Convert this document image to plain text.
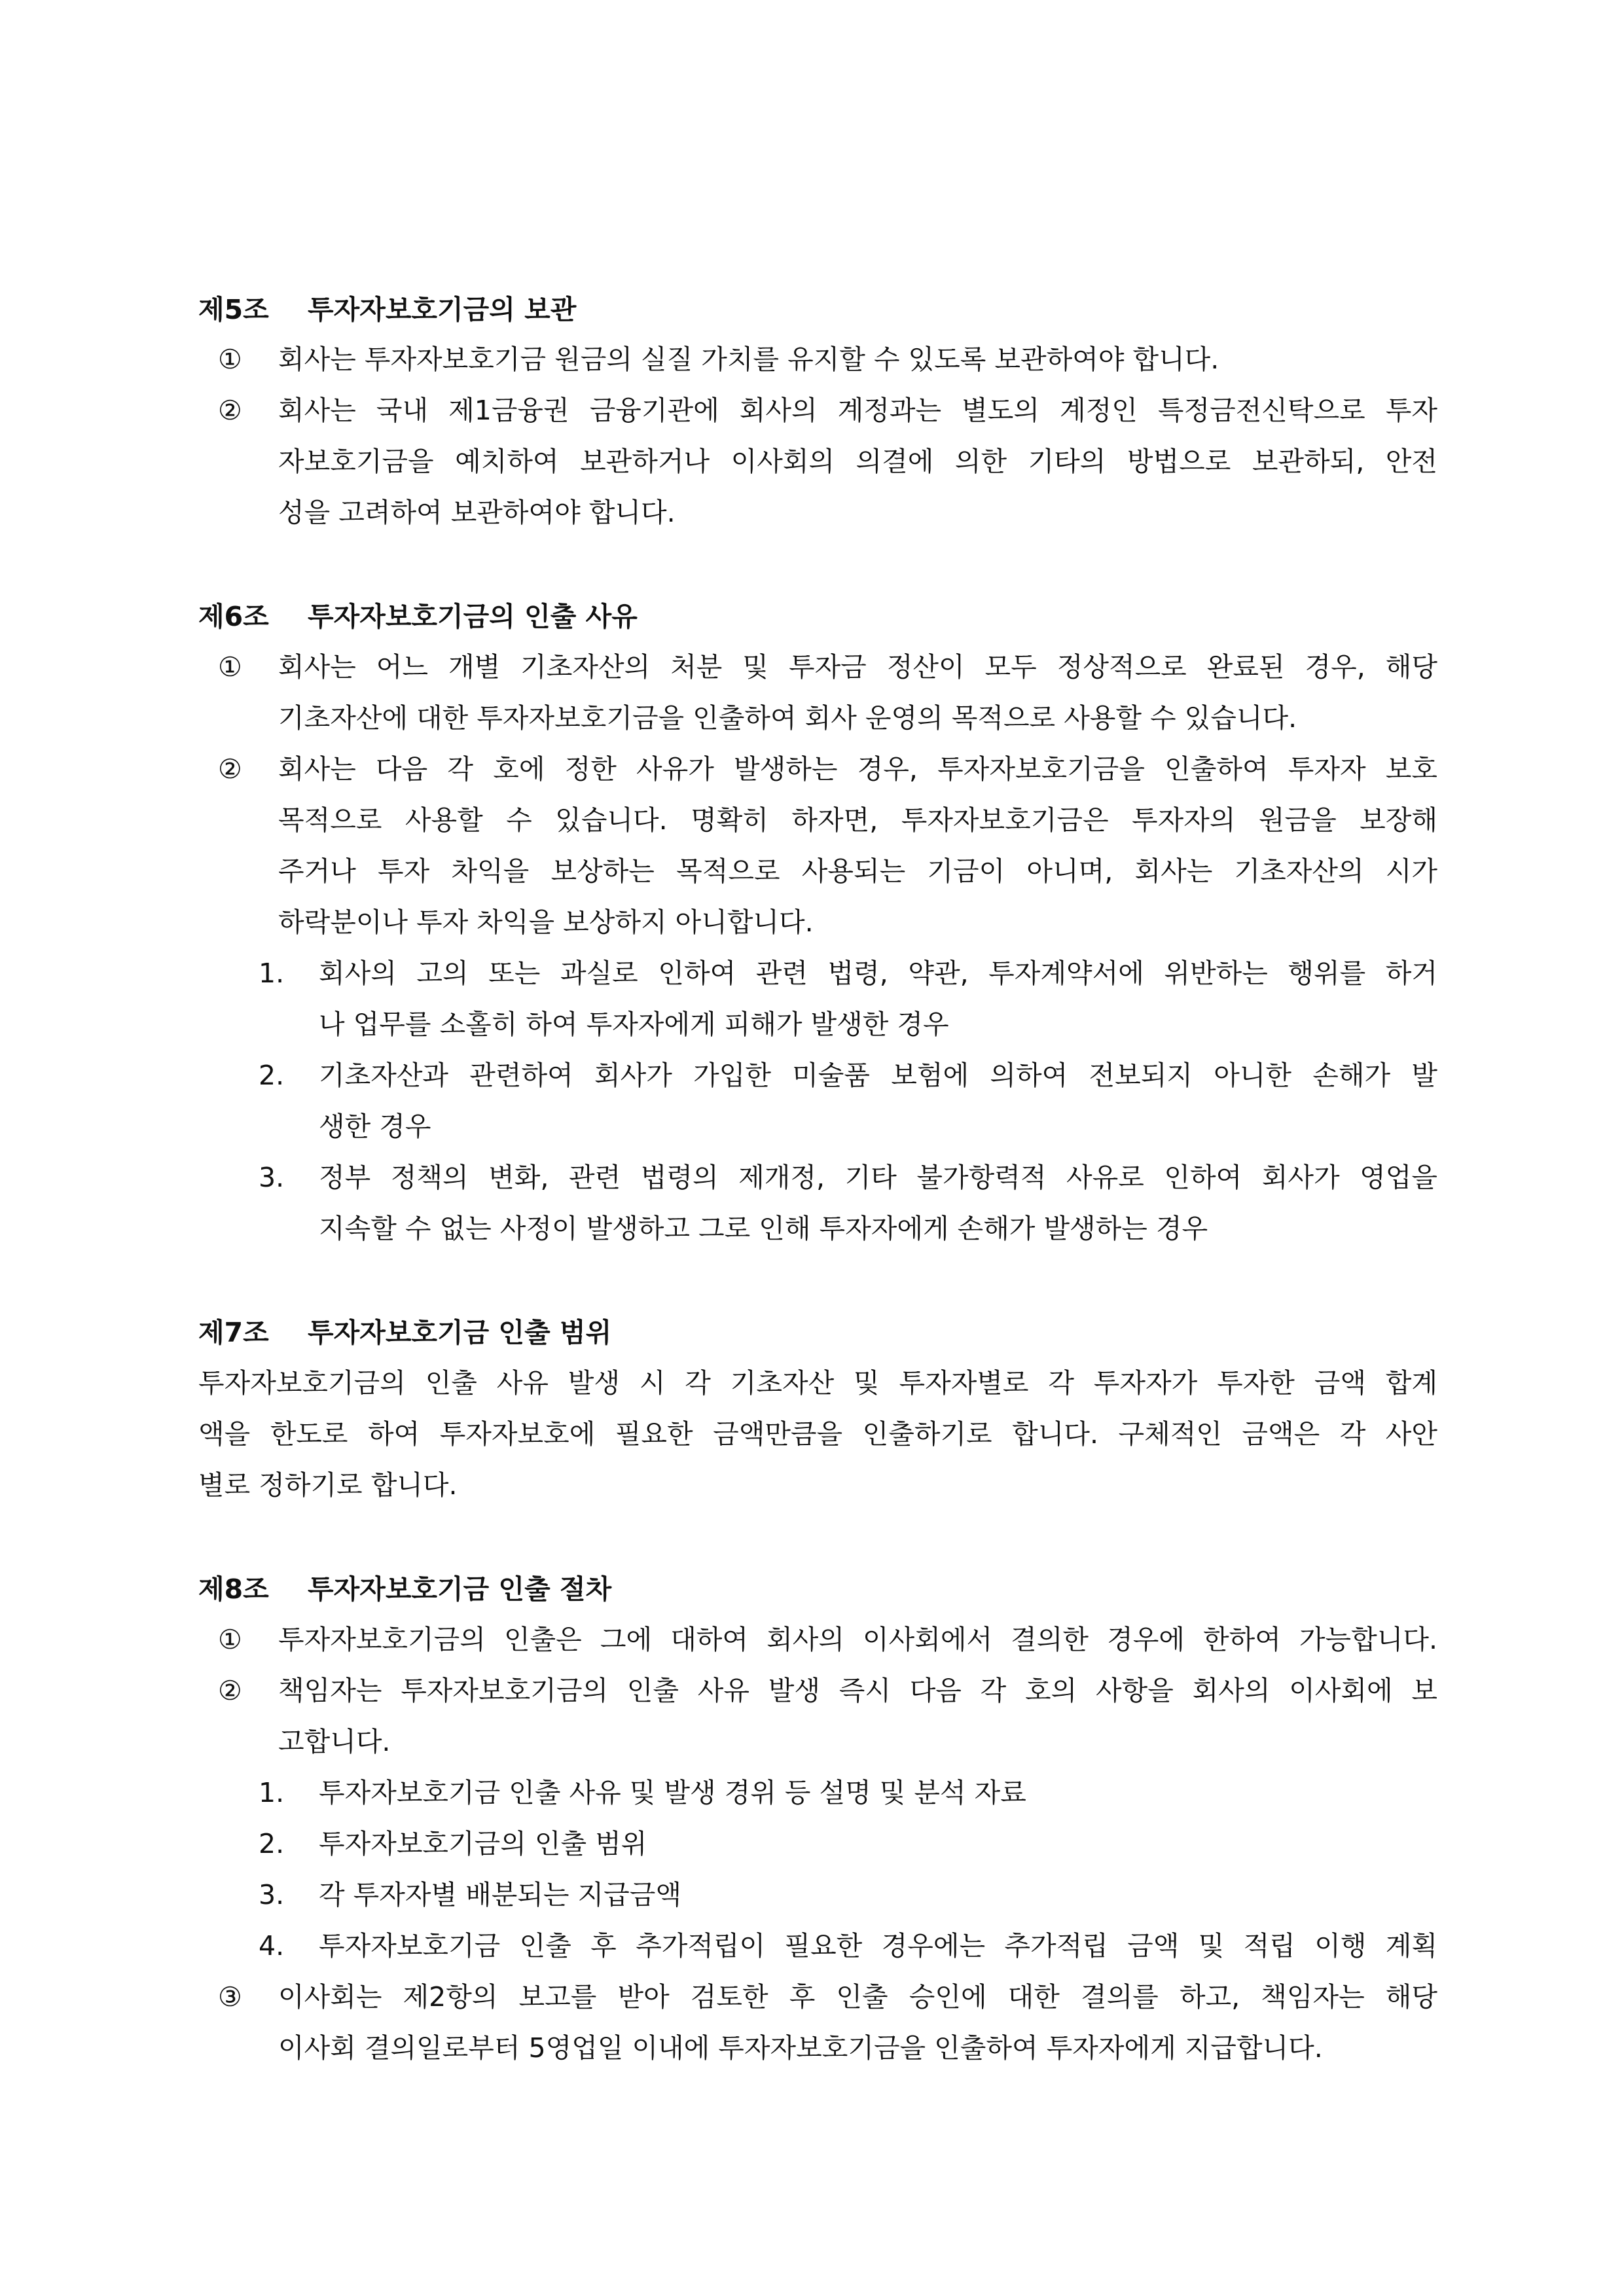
제5조 투자자보호기금의 보관
① 회사는 투자자보호기금 원금의 실질 가치를 유지할 수 있도록 보관하여야 합니다.
② 회사는 국내 제1금융권 금융기관에 회사의 계정과는 별도의 계정인 특정금전신탁으로 투자
자보호기금을 예치하여 보관하거나 이사회의 의결에 의한 기타의 방법으로 보관하되, 안전
성을 고려하여 보관하여야 합니다.
제6조 투자자보호기금의 인출 사유
① 회사는 어느 개별 기초자산의 처분 및 투자금 정산이 모두 정상적으로 완료된 경우, 해당
기초자산에 대한 투자자보호기금을 인출하여 회사 운영의 목적으로 사용할 수 있습니다.
② 회사는 다음 각 호에 정한 사유가 발생하는 경우, 투자자보호기금을 인출하여 투자자 보호
목적으로 사용할 수 있습니다. 명확히 하자면, 투자자보호기금은 투자자의 원금을 보장해
주거나 투자 차익을 보상하는 목적으로 사용되는 기금이 아니며, 회사는 기초자산의 시가
하락분이나 투자 차익을 보상하지 아니합니다.
1. 회사의 고의 또는 과실로 인하여 관련 법령, 약관, 투자계약서에 위반하는 행위를 하거
나 업무를 소홀히 하여 투자자에게 피해가 발생한 경우
2. 기초자산과 관련하여 회사가 가입한 미술품 보험에 의하여 전보되지 아니한 손해가 발
생한 경우
3. 정부 정책의 변화, 관련 법령의 제개정, 기타 불가항력적 사유로 인하여 회사가 영업을
지속할 수 없는 사정이 발생하고 그로 인해 투자자에게 손해가 발생하는 경우
제7조 투자자보호기금 인출 범위
투자자보호기금의 인출 사유 발생 시 각 기초자산 및 투자자별로 각 투자자가 투자한 금액 합계
액을 한도로 하여 투자자보호에 필요한 금액만큼을 인출하기로 합니다. 구체적인 금액은 각 사안
별로 정하기로 합니다.
제8조 투자자보호기금 인출 절차
① 투자자보호기금의 인출은 그에 대하여 회사의 이사회에서 결의한 경우에 한하여 가능합니다.
② 책임자는 투자자보호기금의 인출 사유 발생 즉시 다음 각 호의 사항을 회사의 이사회에 보
고합니다.
1. 투자자보호기금 인출 사유 및 발생 경위 등 설명 및 분석 자료
2. 투자자보호기금의 인출 범위
3. 각 투자자별 배분되는 지급금액
4. 투자자보호기금 인출 후 추가적립이 필요한 경우에는 추가적립 금액 및 적립 이행 계획
③ 이사회는 제2항의 보고를 받아 검토한 후 인출 승인에 대한 결의를 하고, 책임자는 해당
이사회 결의일로부터 5영업일 이내에 투자자보호기금을 인출하여 투자자에게 지급합니다.
